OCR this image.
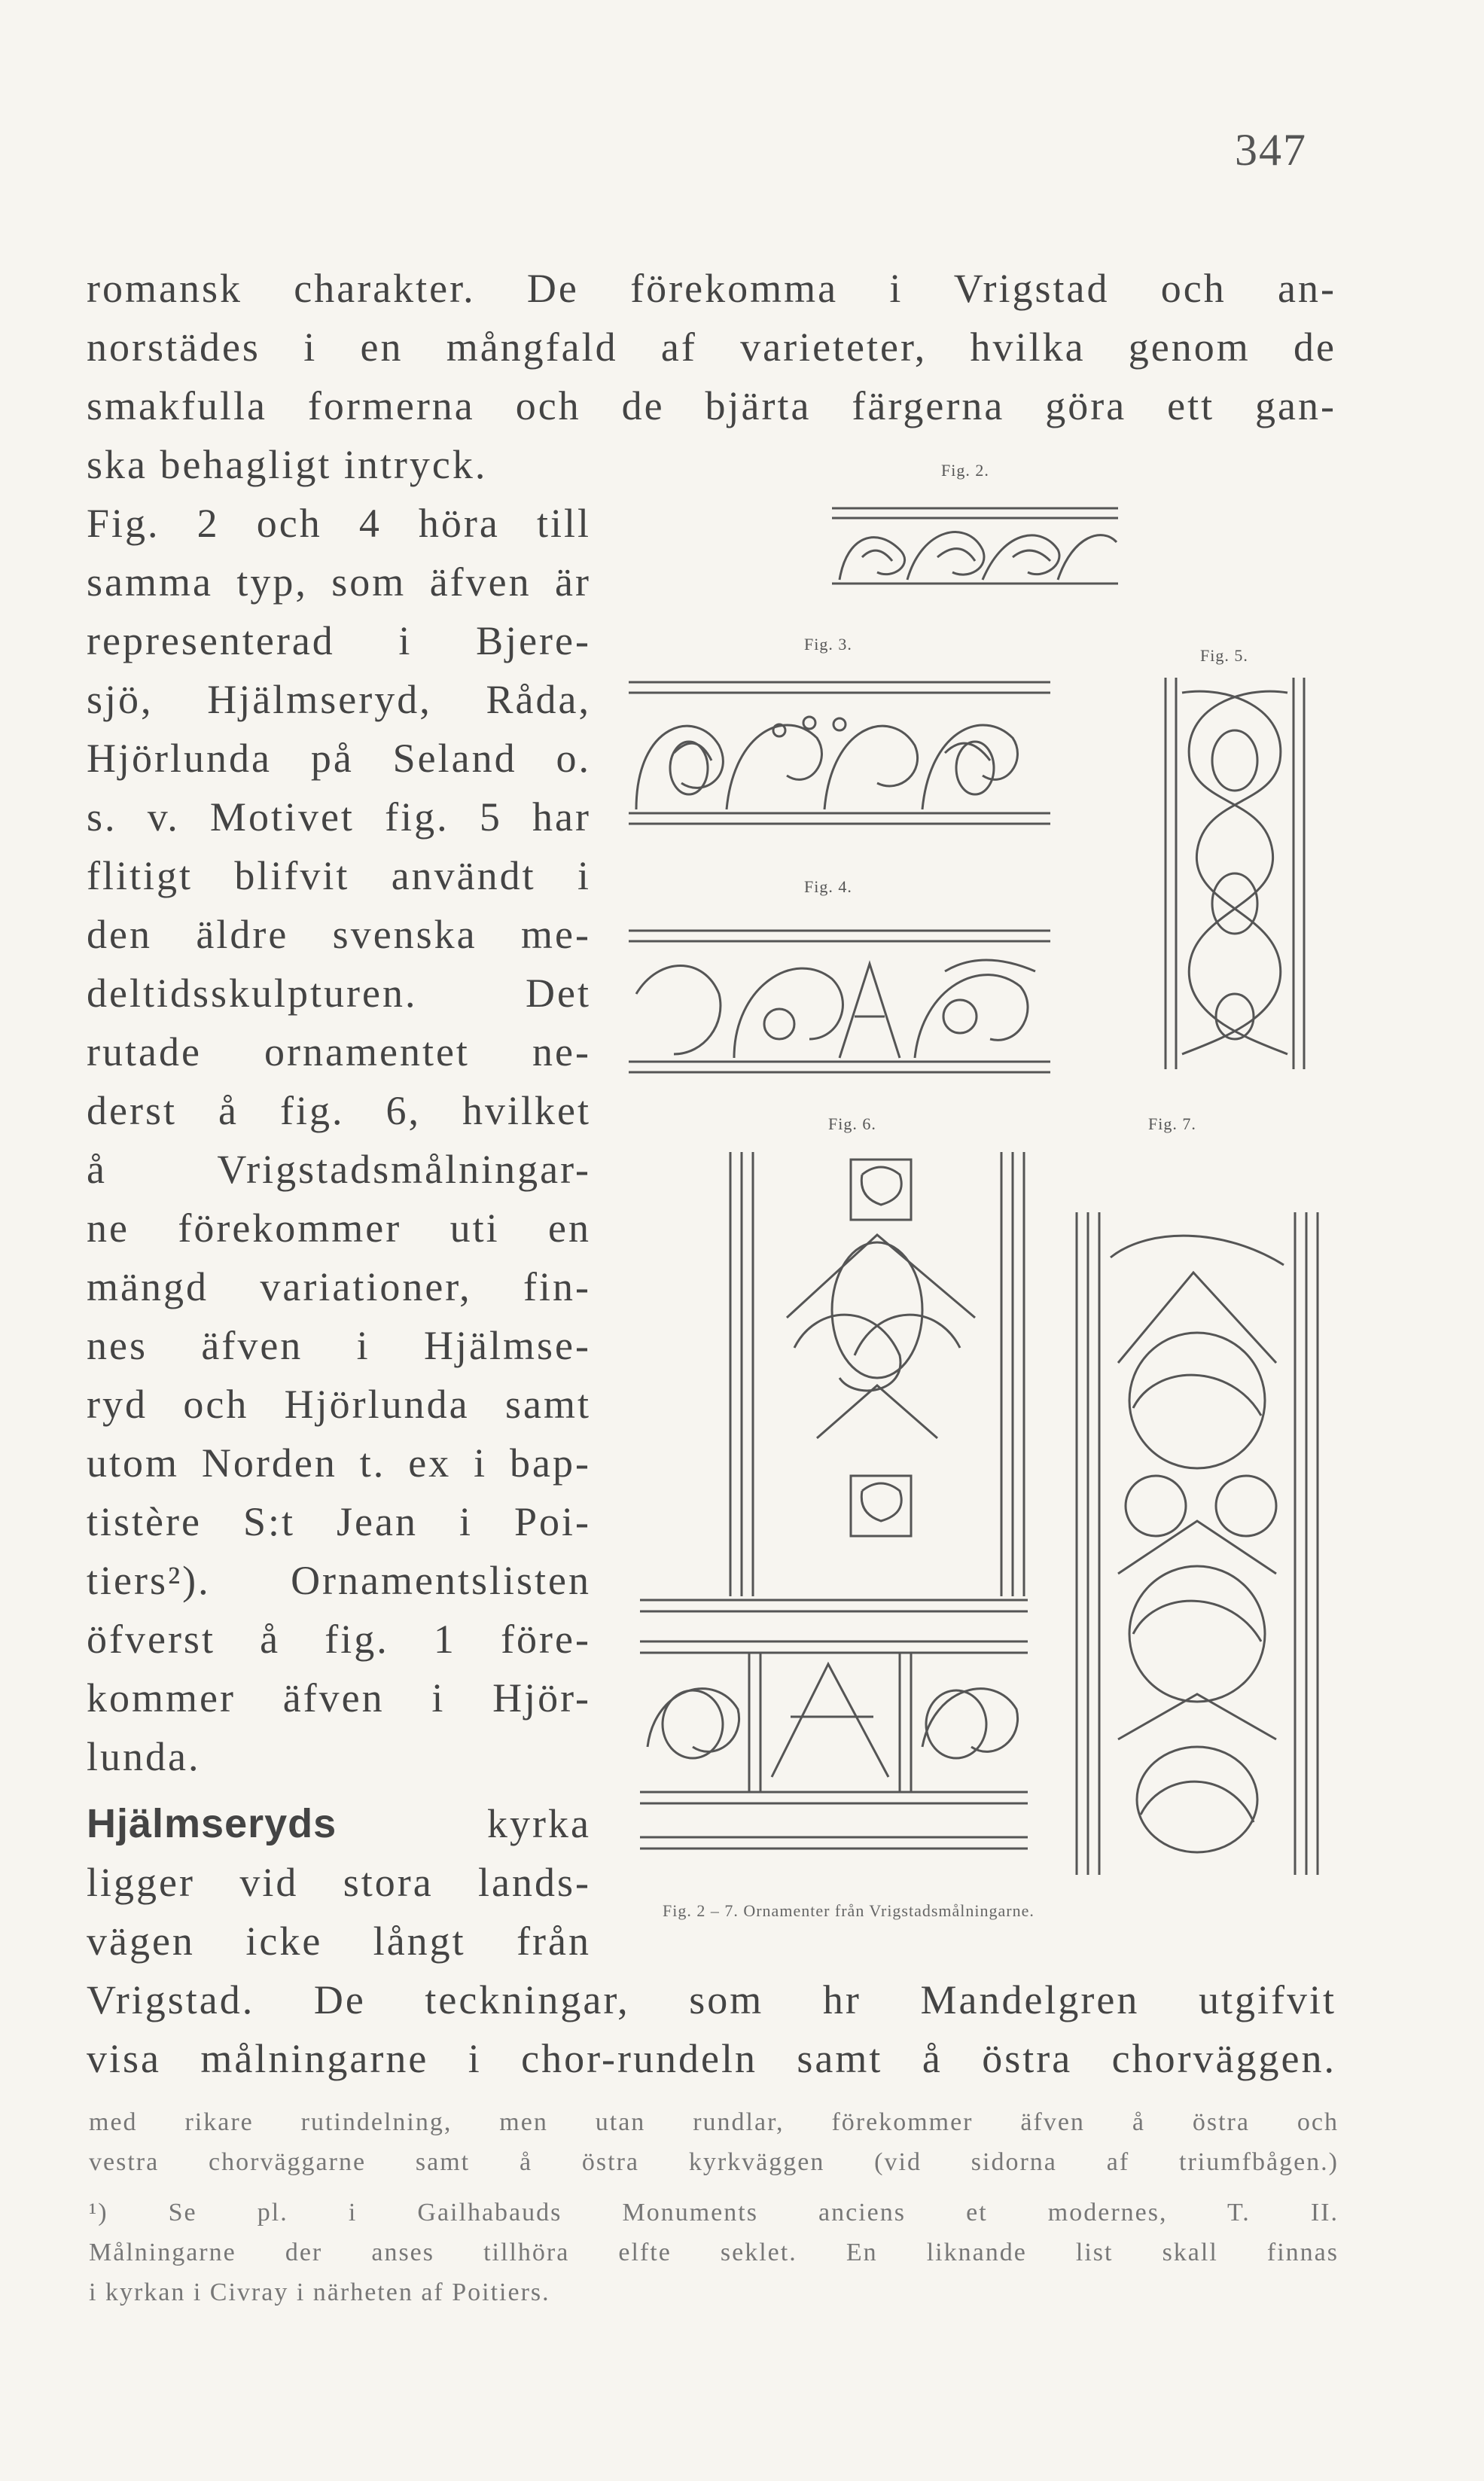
347
romansk charakter. De förekomma i Vrigstad och an-
norstädes i en mångfald af varieteter, hvilka genom de
smakfulla formerna och de bjärta färgerna göra ett gan-
ska behagligt intryck.
Fig. 2 och 4 höra till
samma typ, som äfven är
representerad i Bjere-
sjö, Hjälmseryd, Råda,
Hjörlunda på Seland o.
s. v. Motivet fig. 5 har
flitigt blifvit användt i
den äldre svenska me-
deltidsskulpturen. Det
rutade ornamentet ne-
derst å fig. 6, hvilket
å Vrigstadsmålningar-
ne förekommer uti en
mängd variationer, fin-
nes äfven i Hjälmse-
ryd och Hjörlunda samt
utom Norden t. ex i bap-
tistère S:t Jean i Poi-
tiers²). Ornamentslisten
öfverst å fig. 1 före-
kommer äfven i Hjör-
lunda.
Hjälmseryds kyrka
ligger vid stora lands-
vägen icke långt från
Vrigstad. De teckningar, som hr Mandelgren utgifvit
visa målningarne i chor-rundeln samt å östra chorväggen.
med rikare rutindelning, men utan rundlar, förekommer äfven å östra och
vestra chorväggarne samt å östra kyrkväggen (vid sidorna af triumfbågen.)
¹) Se pl. i Gailhabauds Monuments anciens et modernes, T. II.
Målningarne der anses tillhöra elfte seklet. En liknande list skall finnas
i kyrkan i Civray i närheten af Poitiers.
Fig. 2.
Fig. 3.
Fig. 5.
Fig. 4.
Fig. 6.	Fig. 7.
Fig. 2 – 7. Ornamenter från Vrigstadsmålningarne.
